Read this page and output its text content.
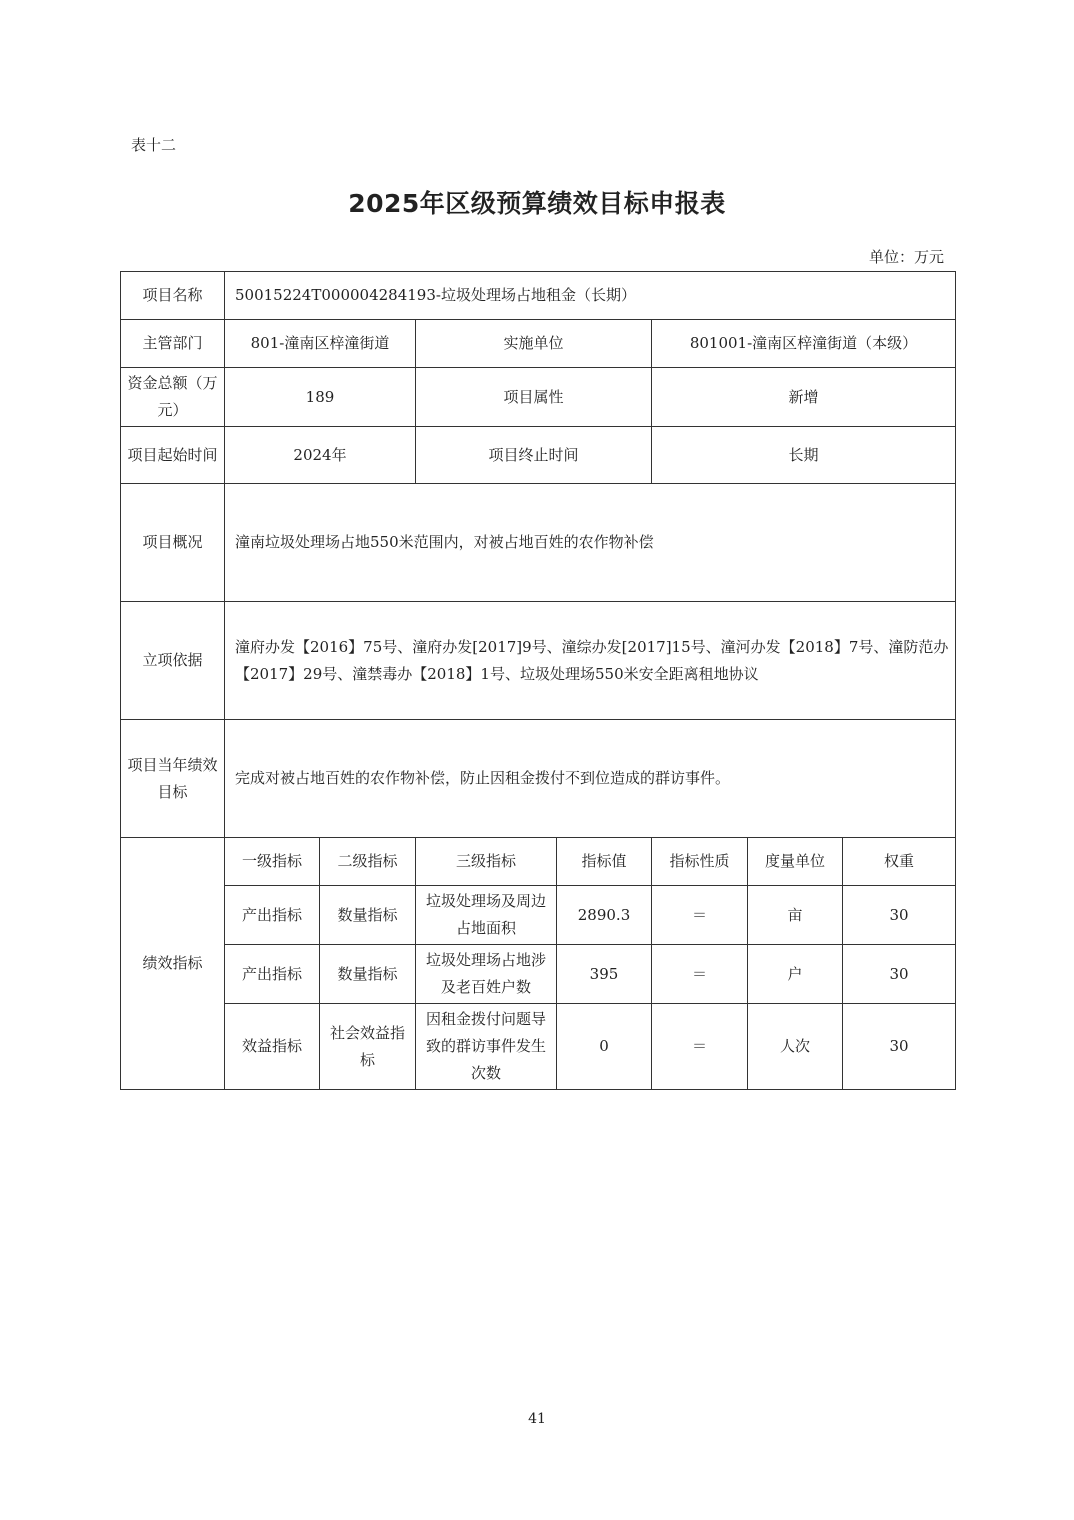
表十二
2025年区级预算绩效目标申报表
单位：万元
项目名称	50015224T000004284193-垃圾处理场占地租金（长期）						
主管部门	801-潼南区梓潼街道		实施单位		801001-潼南区梓潼街道（本级）		
资金总额（万元）	189		项目属性		新增		
项目起始时间	2024年		项目终止时间		长期		
项目概况	潼南垃圾处理场占地550米范围内，对被占地百姓的农作物补偿						
立项依据	潼府办发【2016】75号、潼府办发[2017]9号、潼综办发[2017]15号、潼河办发【2018】7号、潼防范办【2017】29号、潼禁毒办【2018】1号、垃圾处理场550米安全距离租地协议						
项目当年绩效目标	完成对被占地百姓的农作物补偿，防止因租金拨付不到位造成的群访事件。						
绩效指标	一级指标	二级指标	三级指标	指标值	指标性质	度量单位	权重
	产出指标	数量指标	垃圾处理场及周边占地面积	2890.3	＝	亩	30
	产出指标	数量指标	垃圾处理场占地涉及老百姓户数	395	＝	户	30
	效益指标	社会效益指标	因租金拨付问题导致的群访事件发生次数	0	＝	人次	30
41
